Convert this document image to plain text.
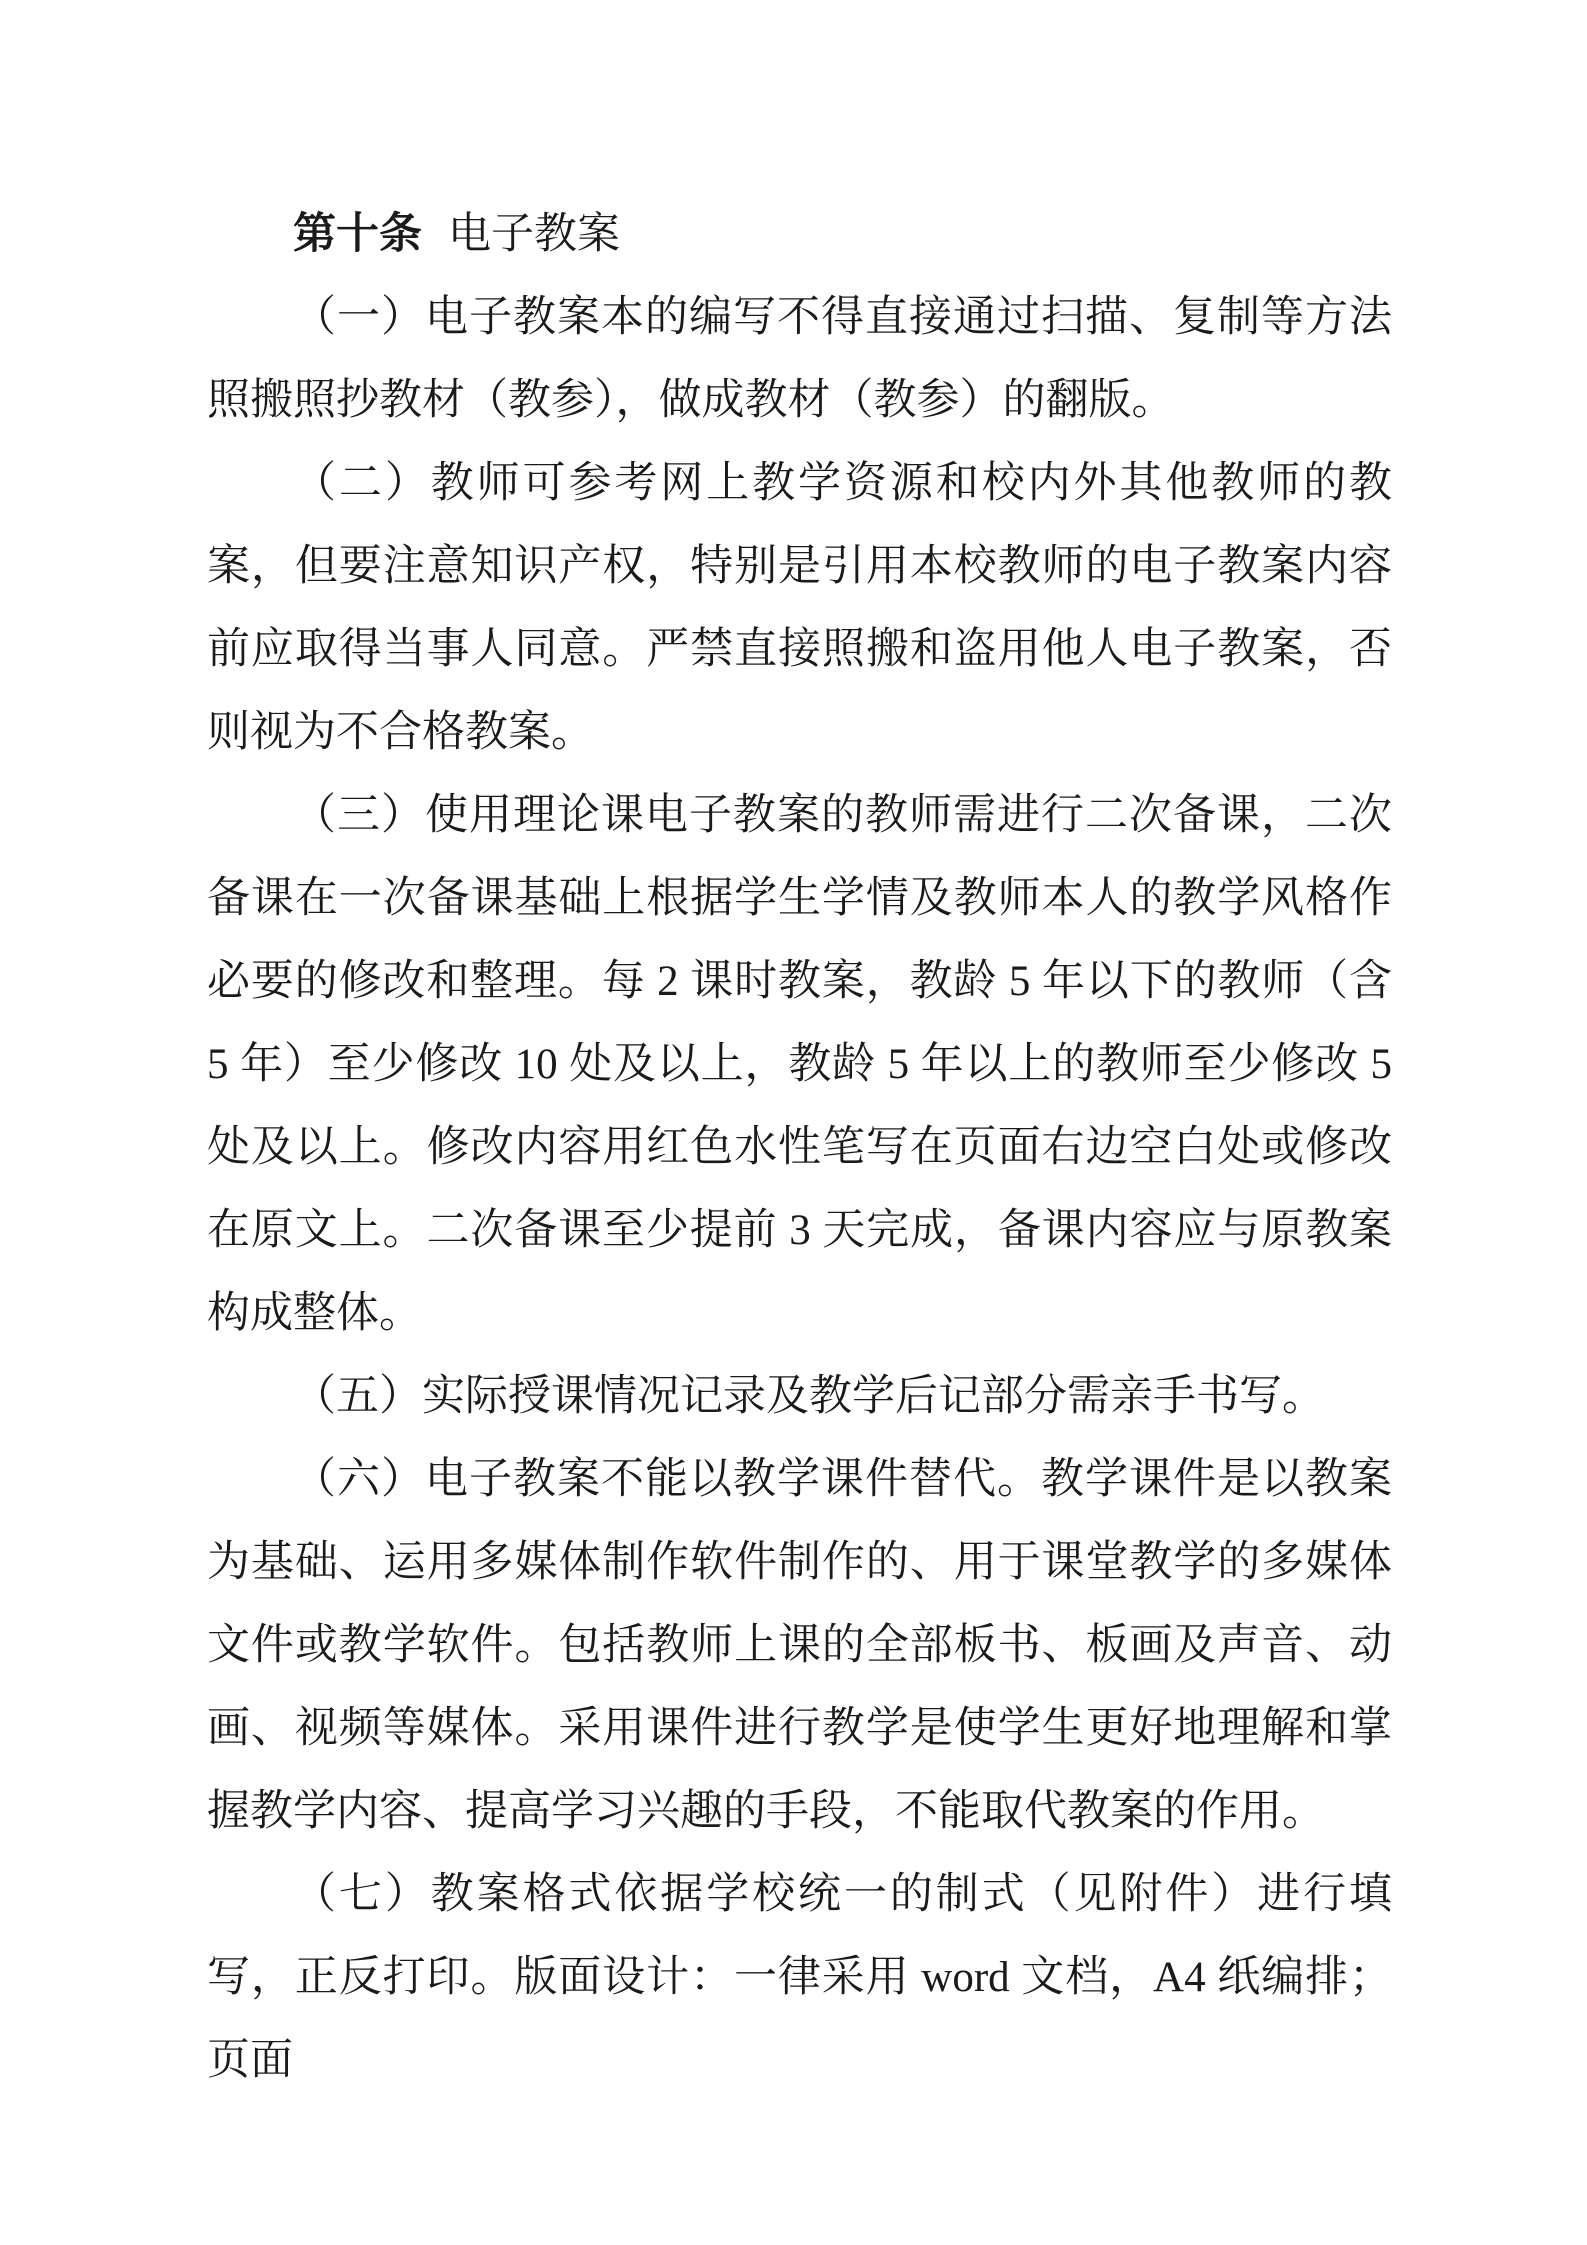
第十条 电子教案

（一）电子教案本的编写不得直接通过扫描、复制等方法照搬照抄教材（教参），做成教材（教参）的翻版。

（二）教师可参考网上教学资源和校内外其他教师的教案，但要注意知识产权，特别是引用本校教师的电子教案内容前应取得当事人同意。严禁直接照搬和盗用他人电子教案，否则视为不合格教案。

（三）使用理论课电子教案的教师需进行二次备课，二次备课在一次备课基础上根据学生学情及教师本人的教学风格作必要的修改和整理。每 2 课时教案，教龄 5 年以下的教师（含 5 年）至少修改 10 处及以上，教龄 5 年以上的教师至少修改 5 处及以上。修改内容用红色水性笔写在页面右边空白处或修改在原文上。二次备课至少提前 3 天完成，备课内容应与原教案构成整体。

（五）实际授课情况记录及教学后记部分需亲手书写。

（六）电子教案不能以教学课件替代。教学课件是以教案为基础、运用多媒体制作软件制作的、用于课堂教学的多媒体文件或教学软件。包括教师上课的全部板书、板画及声音、动画、视频等媒体。采用课件进行教学是使学生更好地理解和掌握教学内容、提高学习兴趣的手段，不能取代教案的作用。

（七）教案格式依据学校统一的制式（见附件）进行填写，正反打印。版面设计：一律采用 word 文档，A4 纸编排；页面
